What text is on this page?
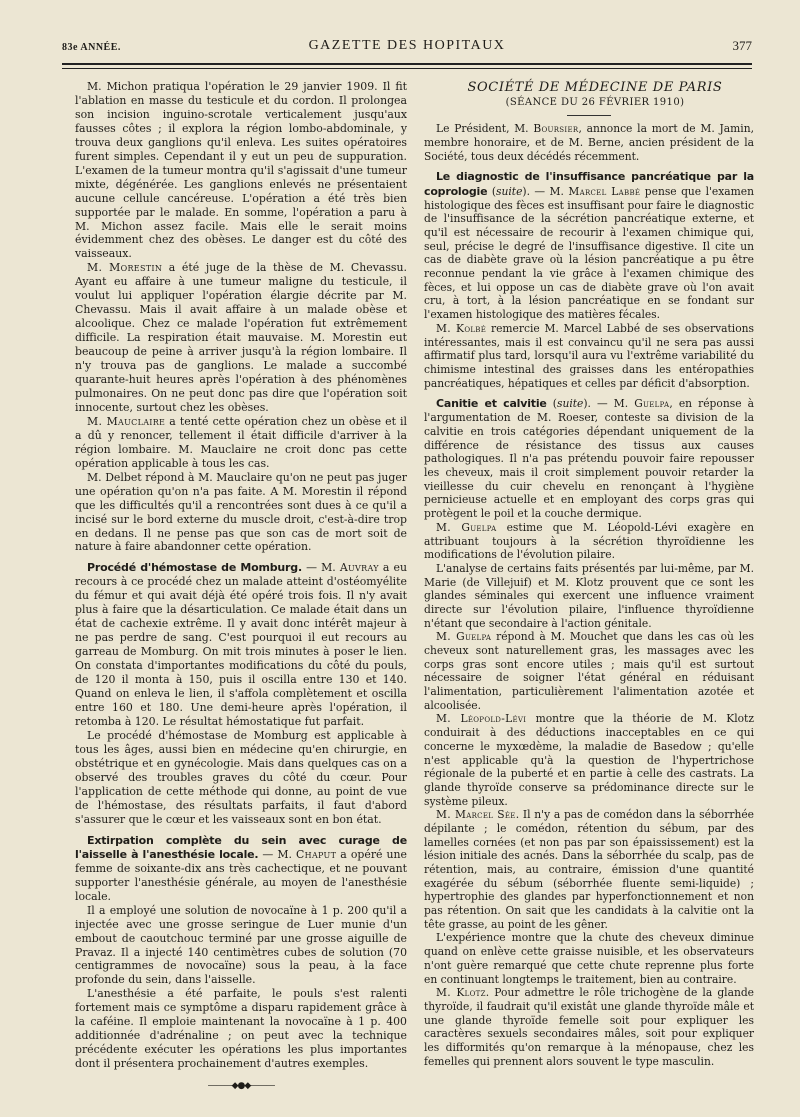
83e ANNÉE.	GAZETTE DES HOPITAUX	377

M. Michon pratiqua l'opération le 29 janvier 1909. Il fit l'ablation en masse du testicule et du cordon. Il prolongea son incision inguino-scrotale verticalement jusqu'aux fausses côtes ; il explora la région lombo-abdominale, y trouva deux ganglions qu'il enleva. Les suites opératoires furent simples. Cependant il y eut un peu de suppuration. L'examen de la tumeur montra qu'il s'agissait d'une tumeur mixte, dégénérée. Les ganglions enlevés ne présentaient aucune cellule cancéreuse. L'opération a été très bien supportée par le malade. En somme, l'opération a paru à M. Michon assez facile. Mais elle le serait moins évidemment chez des obèses. Le danger est du côté des vaisseaux.

M. Morestin a été juge de la thèse de M. Chevassu. Ayant eu affaire à une tumeur maligne du testicule, il voulut lui appliquer l'opération élargie décrite par M. Chevassu. Mais il avait affaire à un malade obèse et alcoolique. Chez ce malade l'opération fut extrêmement difficile. La respiration était mauvaise. M. Morestin eut beaucoup de peine à arriver jusqu'à la région lombaire. Il n'y trouva pas de ganglions. Le malade a succombé quarante-huit heures après l'opération à des phénomènes pulmonaires. On ne peut donc pas dire que l'opération soit innocente, surtout chez les obèses.

M. Mauclaire a tenté cette opération chez un obèse et il a dû y renoncer, tellement il était difficile d'arriver à la région lombaire. M. Mauclaire ne croit donc pas cette opération applicable à tous les cas.

M. Delbet répond à M. Mauclaire qu'on ne peut pas juger une opération qu'on n'a pas faite. A M. Morestin il répond que les difficultés qu'il a rencontrées sont dues à ce qu'il a incisé sur le bord externe du muscle droit, c'est-à-dire trop en dedans. Il ne pense pas que son cas de mort soit de nature à faire abandonner cette opération.

Procédé d'hémostase de Momburg. — M. Auvray a eu recours à ce procédé chez un malade atteint d'ostéomyélite du fémur et qui avait déjà été opéré trois fois. Il n'y avait plus à faire que la désarticulation. Ce malade était dans un état de cachexie extrême. Il y avait donc intérêt majeur à ne pas perdre de sang. C'est pourquoi il eut recours au garreau de Momburg. On mit trois minutes à poser le lien. On constata d'importantes modifications du côté du pouls, de 120 il monta à 150, puis il oscilla entre 130 et 140. Quand on enleva le lien, il s'affola complètement et oscilla entre 160 et 180. Une demi-heure après l'opération, il retomba à 120. Le résultat hémostatique fut parfait.

Le procédé d'hémostase de Momburg est applicable à tous les âges, aussi bien en médecine qu'en chirurgie, en obstétrique et en gynécologie. Mais dans quelques cas on a observé des troubles graves du côté du cœur. Pour l'application de cette méthode qui donne, au point de vue de l'hémostase, des résultats parfaits, il faut d'abord s'assurer que le cœur et les vaisseaux sont en bon état.

Extirpation complète du sein avec curage de l'aisselle à l'anesthésie locale. — M. Chaput a opéré une femme de soixante-dix ans très cachectique, et ne pouvant supporter l'anesthésie générale, au moyen de l'anesthésie locale.

Il a employé une solution de novocaïne à 1 p. 200 qu'il a injectée avec une grosse seringue de Luer munie d'un embout de caoutchouc terminé par une grosse aiguille de Pravaz. Il a injecté 140 centimètres cubes de solution (70 centigrammes de novocaïne) sous la peau, à la face profonde du sein, dans l'aisselle.

L'anesthésie a été parfaite, le pouls s'est ralenti fortement mais ce symptôme a disparu rapidement grâce à la caféine. Il emploie maintenant la novocaïne à 1 p. 400 additionnée d'adrénaline ; on peut avec la technique précédente exécuter les opérations les plus importantes dont il présentera prochainement d'autres exemples.

———◆●◆———

SOCIÉTÉ DE MÉDECINE DE PARIS

(SÉANCE DU 26 FÉVRIER 1910)

Le Président, M. Boursier, annonce la mort de M. Jamin, membre honoraire, et de M. Berne, ancien président de la Société, tous deux décédés récemment.

Le diagnostic de l'insuffisance pancréatique par la coprologie (suite). — M. Marcel Labbé pense que l'examen histologique des fèces est insuffisant pour faire le diagnostic de l'insuffisance de la sécrétion pancréatique externe, et qu'il est nécessaire de recourir à l'examen chimique qui, seul, précise le degré de l'insuffisance digestive. Il cite un cas de diabète grave où la lésion pancréatique a pu être reconnue pendant la vie grâce à l'examen chimique des fèces, et lui oppose un cas de diabète grave où l'on avait cru, à tort, à la lésion pancréatique en se fondant sur l'examen histologique des matières fécales.

M. Kolbé remercie M. Marcel Labbé de ses observations intéressantes, mais il est convaincu qu'il ne sera pas aussi affirmatif plus tard, lorsqu'il aura vu l'extrême variabilité du chimisme intestinal des graisses dans les entéropathies pancréatiques, hépatiques et celles par déficit d'absorption.

Canitie et calvitie (suite). — M. Guelpa, en réponse à l'argumentation de M. Roeser, conteste sa division de la calvitie en trois catégories dépendant uniquement de la différence de résistance des tissus aux causes pathologiques. Il n'a pas prétendu pouvoir faire repousser les cheveux, mais il croit simplement pouvoir retarder la vieillesse du cuir chevelu en renonçant à l'hygiène pernicieuse actuelle et en employant des corps gras qui protègent le poil et la couche dermique.

M. Guelpa estime que M. Léopold-Lévi exagère en attribuant toujours à la sécrétion thyroïdienne les modifications de l'évolution pilaire.

L'analyse de certains faits présentés par lui-même, par M. Marie (de Villejuif) et M. Klotz prouvent que ce sont les glandes séminales qui exercent une influence vraiment directe sur l'évolution pilaire, l'influence thyroïdienne n'étant que secondaire à l'action génitale.

M. Guelpa répond à M. Mouchet que dans les cas où les cheveux sont naturellement gras, les massages avec les corps gras sont encore utiles ; mais qu'il est surtout nécessaire de soigner l'état général en réduisant l'alimentation, particulièrement l'alimentation azotée et alcoolisée.

M. Léopold-Lévi montre que la théorie de M. Klotz conduirait à des déductions inacceptables en ce qui concerne le myxœdème, la maladie de Basedow ; qu'elle n'est applicable qu'à la question de l'hypertrichose régionale de la puberté et en partie à celle des castrats. La glande thyroïde conserve sa prédominance directe sur le système pileux.

M. Marcel Sée. Il n'y a pas de comédon dans la séborrhée dépilante ; le comédon, rétention du sébum, par des lamelles cornées (et non pas par son épaississement) est la lésion initiale des acnés. Dans la séborrhée du scalp, pas de rétention, mais, au contraire, émission d'une quantité exagérée du sébum (séborrhée fluente semi-liquide) ; hypertrophie des glandes par hyperfonctionnement et non pas rétention. On sait que les candidats à la calvitie ont la tête grasse, au point de les gêner.

L'expérience montre que la chute des cheveux diminue quand on enlève cette graisse nuisible, et les observateurs n'ont guère remarqué que cette chute reprenne plus forte en continuant longtemps le traitement, bien au contraire.

M. Klotz. Pour admettre le rôle trichogène de la glande thyroïde, il faudrait qu'il existât une glande thyroïde mâle et une glande thyroïde femelle soit pour expliquer les caractères sexuels secondaires mâles, soit pour expliquer les difformités qu'on remarque à la ménopause, chez les femelles qui prennent alors souvent le type masculin.
